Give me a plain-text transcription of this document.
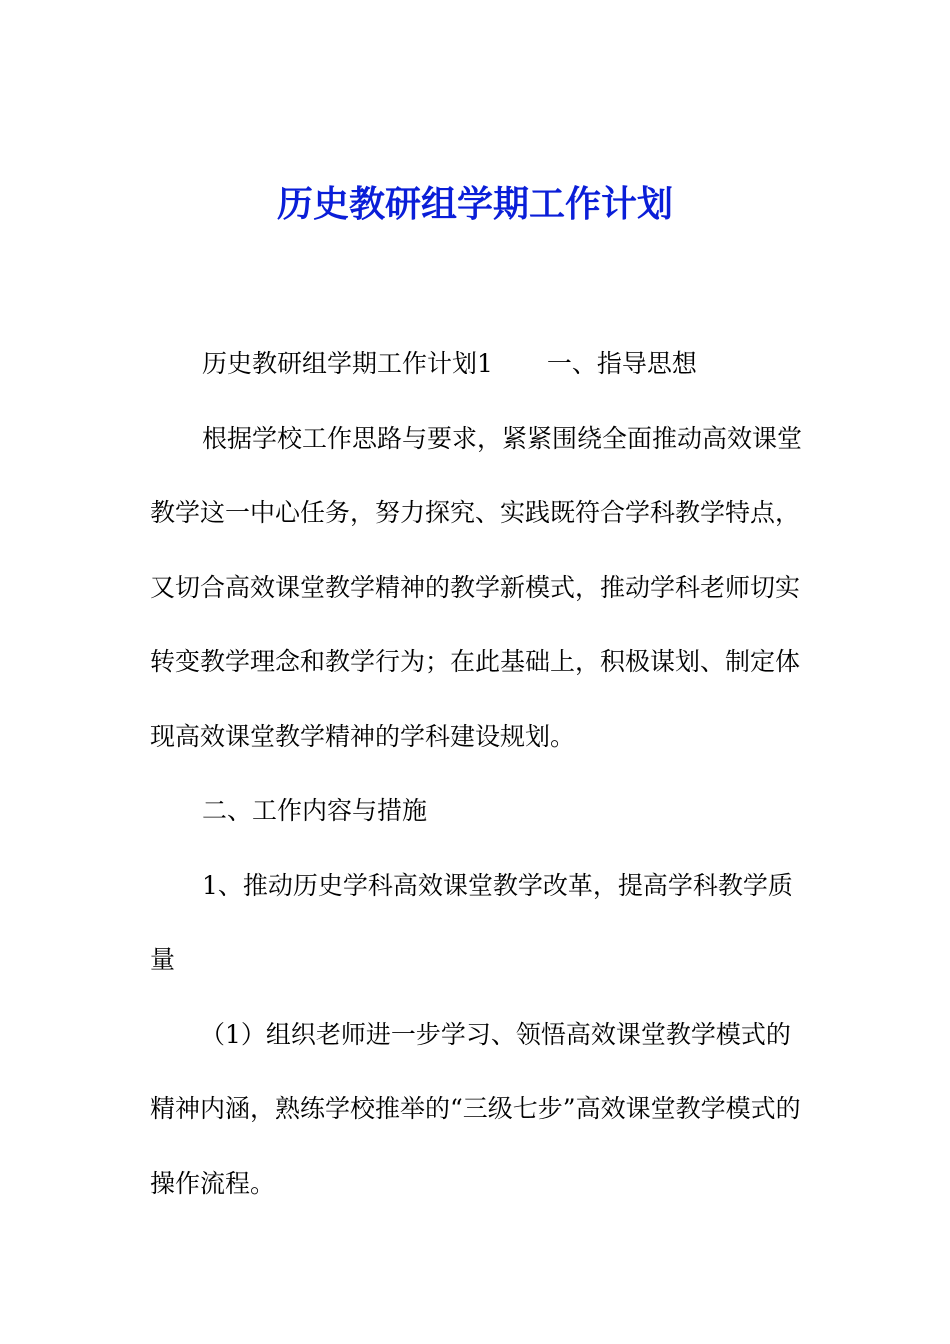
历史教研组学期工作计划

历史教研组学期工作计划1 一、指导思想

根据学校工作思路与要求，紧紧围绕全面推动高效课堂教学这一中心任务，努力探究、实践既符合学科教学特点，又切合高效课堂教学精神的教学新模式，推动学科老师切实转变教学理念和教学行为；在此基础上，积极谋划、制定体现高效课堂教学精神的学科建设规划。

二、工作内容与措施

1、推动历史学科高效课堂教学改革，提高学科教学质量

（1）组织老师进一步学习、领悟高效课堂教学模式的精神内涵，熟练学校推举的“三级七步”高效课堂教学模式的操作流程。
